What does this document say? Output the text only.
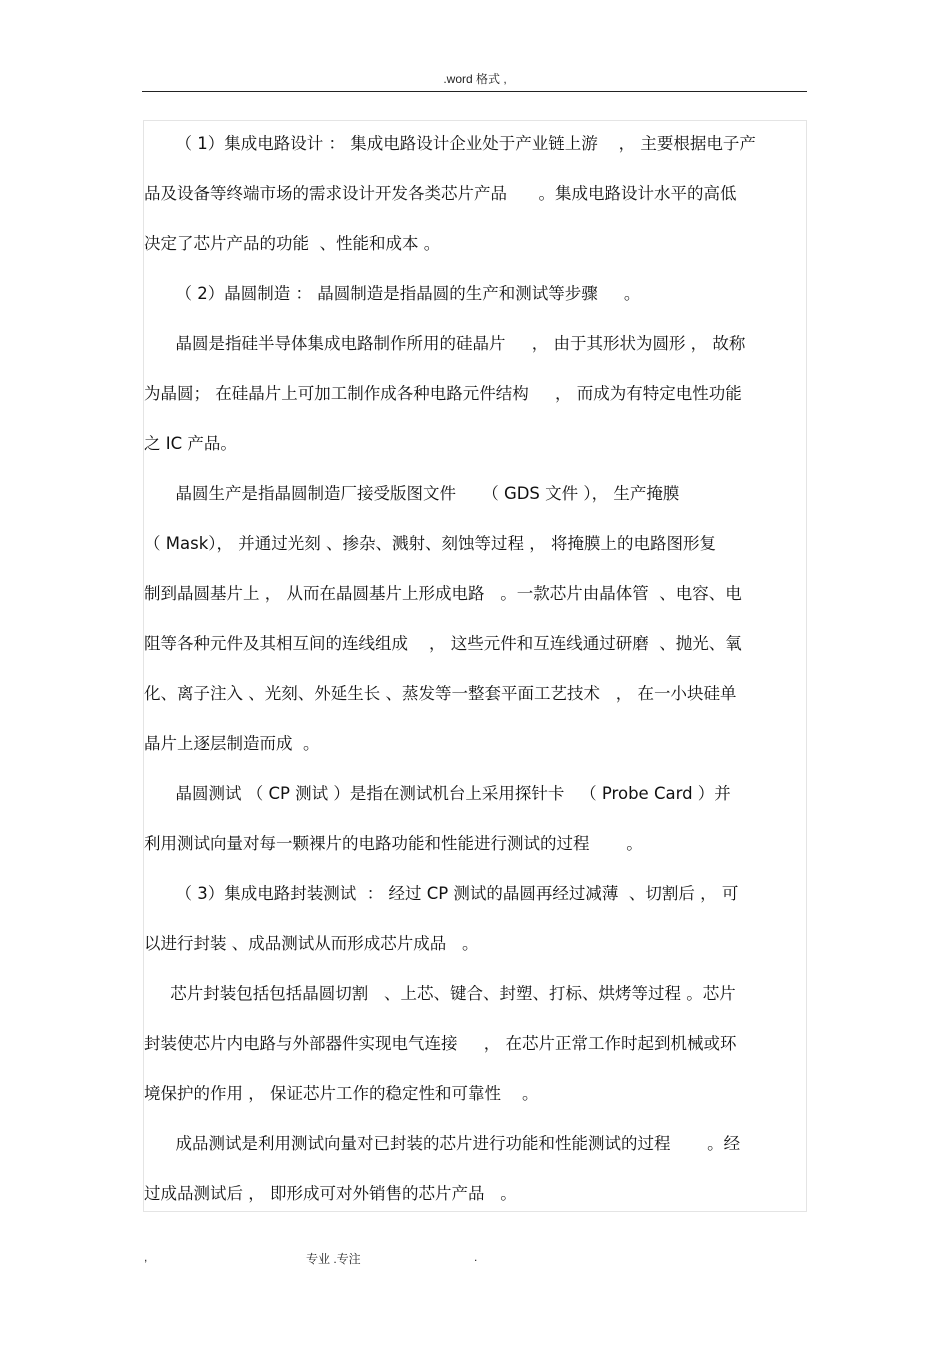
.word 格式 ,
（ 1）集成电路设计 ： 集成电路设计企业处于产业链上游    ， 主要根据电子产
品及设备等终端市场的需求设计开发各类芯片产品      。集成电路设计水平的高低
决定了芯片产品的功能  、性能和成本 。
（ 2）晶圆制造 ： 晶圆制造是指晶圆的生产和测试等步骤     。
晶圆是指硅半导体集成电路制作所用的硅晶片     ， 由于其形状为圆形 ， 故称
为晶圆； 在硅晶片上可加工制作成各种电路元件结构     ， 而成为有特定电性功能
之 IC 产品。
晶圆生产是指晶圆制造厂接受版图文件     （ GDS 文件 ）， 生产掩膜
（ Mask）， 并通过光刻 、掺杂、溅射、刻蚀等过程 ， 将掩膜上的电路图形复
制到晶圆基片上 ， 从而在晶圆基片上形成电路   。一款芯片由晶体管  、电容、电
阻等各种元件及其相互间的连线组成    ， 这些元件和互连线通过研磨  、抛光、氧
化、离子注入 、光刻、外延生长 、蒸发等一整套平面工艺技术   ， 在一小块硅单
晶片上逐层制造而成  。
晶圆测试 （ CP 测试 ）是指在测试机台上采用探针卡   （ Probe Card ）并
利用测试向量对每一颗裸片的电路功能和性能进行测试的过程       。
（ 3）集成电路封装测试  ： 经过 CP 测试的晶圆再经过减薄  、切割后 ， 可
以进行封装 、成品测试从而形成芯片成品   。
芯片封装包括包括晶圆切割   、上芯、键合、封塑、打标、烘烤等过程 。芯片
封装使芯片内电路与外部器件实现电气连接     ， 在芯片正常工作时起到机械或环
境保护的作用 ， 保证芯片工作的稳定性和可靠性    。
成品测试是利用测试向量对已封装的芯片进行功能和性能测试的过程       。经
过成品测试后 ， 即形成可对外销售的芯片产品   。
,	专业 .专注	.
